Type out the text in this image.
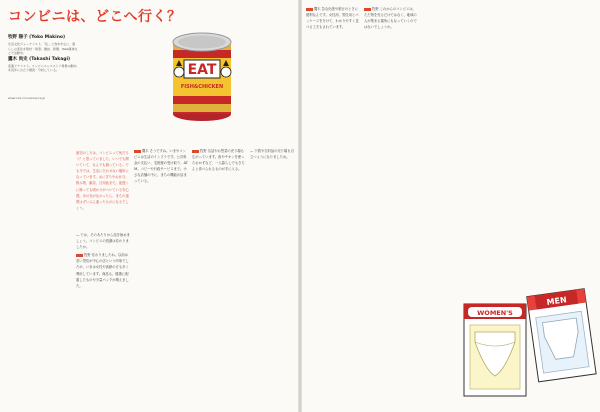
コンビニは、どこへ行く？
牧野 陽子 (Yoko Makino)
生活文化ジャーナリスト。「住」と食を中心に、暮らしの変化を取材・執筆。雑誌、新聞、Web媒体などで活動中。

鷹木 尚史 (Takashi Takagi)
流通アナリスト。コンビニエンスストア業界の動向を長年にわたり調査・分析している。
www.xxx-convenience.jp
EAT
FISH&CHICKEN

最初のころは、コンビニって何だろう？と思っていました。いつでも開いていて、なんでも揃っている。でも今では、生活に欠かせない場所になっています。おにぎりやお弁当、飲み物、雑誌、日用品まで。夜遅くに帰っても明かりがついている安心感。あの光がなかったら、まちの風景はずいぶん違ったものになるでしょう。

― では、そのあたりから話を始めましょう。コンビニの役割は変わりましたか。

牧野 変わりましたね。以前は若い男性が中心の店という印象でしたが、いまは女性や高齢の方も多く利用しています。商品も、健康に配慮したものや少量パックが増えました。

鷹木 そうですね。いまやコンビニは生活のインフラです。公共料金の支払い、宅配便の受け取り、ATM、コピーや行政サービスまで。小さな店舗の中に、まちの機能が詰まっている。

牧野 缶詰やお惣菜の売り場も広がっています。魚やチキンを使ったおかずなど、一人暮らしでもきちんと食べられるものが手に入る。

― 下着や衣料品の売り場も目立つようになりましたね。

鷹木 急な出張や旅行のときに便利なんです。女性用、男性用とパッケージを分けて、わかりやすく並べる工夫もされています。

牧野 これからのコンビニは、ただ物を売るだけではなく、地域の人が集まる場所にもなっていくのではないでしょうか。

MEN
WOMEN'S
